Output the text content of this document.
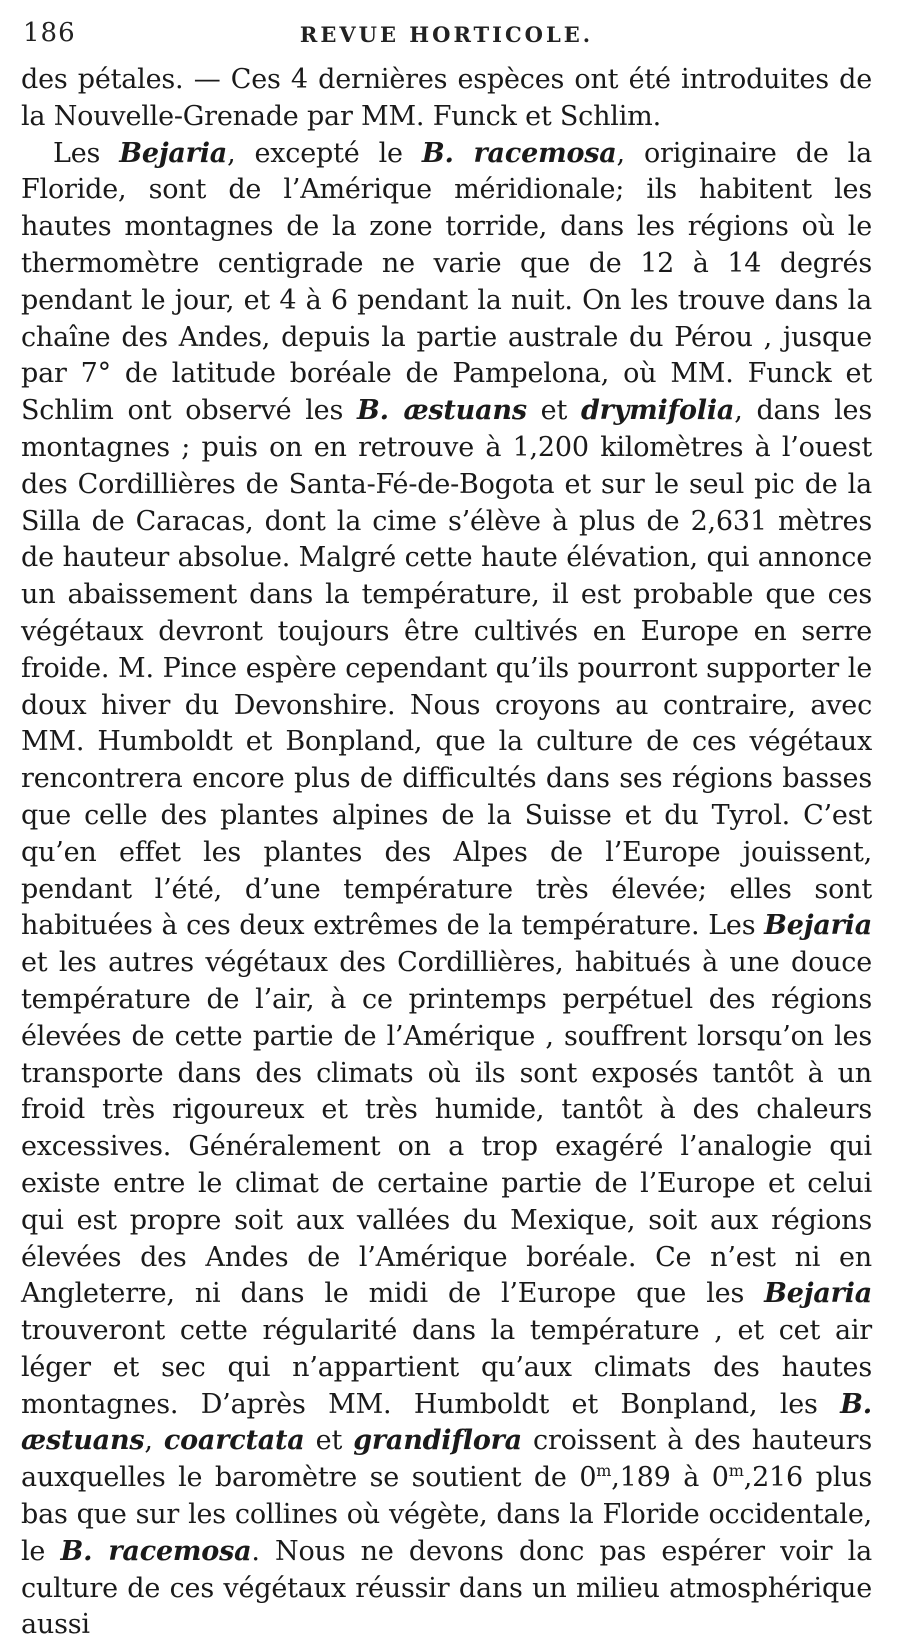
186	REVUE HORTICOLE.

des pétales. — Ces 4 dernières espèces ont été introduites de la Nouvelle-Grenade par MM. Funck et Schlim.

Les Bejaria, excepté le B. racemosa, originaire de la Floride, sont de l’Amérique méridionale; ils habitent les hautes montagnes de la zone torride, dans les régions où le thermomètre centigrade ne varie que de 12 à 14 degrés pendant le jour, et 4 à 6 pendant la nuit. On les trouve dans la chaîne des Andes, depuis la partie australe du Pérou , jusque par 7° de latitude boréale de Pampelona, où MM. Funck et Schlim ont observé les B. æstuans et drymifolia, dans les montagnes ; puis on en retrouve à 1,200 kilomètres à l’ouest des Cordillières de Santa-Fé-de-Bogota et sur le seul pic de la Silla de Caracas, dont la cime s’élève à plus de 2,631 mètres de hauteur absolue. Malgré cette haute élévation, qui annonce un abaissement dans la température, il est probable que ces végétaux devront toujours être cultivés en Europe en serre froide. M. Pince espère cependant qu’ils pourront supporter le doux hiver du Devonshire. Nous croyons au contraire, avec MM. Humboldt et Bonpland, que la culture de ces végétaux rencontrera encore plus de difficultés dans ses régions basses que celle des plantes alpines de la Suisse et du Tyrol. C’est qu’en effet les plantes des Alpes de l’Europe jouissent, pendant l’été, d’une température très élevée; elles sont habituées à ces deux extrêmes de la température. Les Bejaria et les autres végétaux des Cordillières, habitués à une douce température de l’air, à ce printemps perpétuel des régions élevées de cette partie de l’Amérique , souffrent lorsqu’on les transporte dans des climats où ils sont exposés tantôt à un froid très rigoureux et très humide, tantôt à des chaleurs excessives. Généralement on a trop exagéré l’analogie qui existe entre le climat de certaine partie de l’Europe et celui qui est propre soit aux vallées du Mexique, soit aux régions élevées des Andes de l’Amérique boréale. Ce n’est ni en Angleterre, ni dans le midi de l’Europe que les Bejaria trouveront cette régularité dans la température , et cet air léger et sec qui n’appartient qu’aux climats des hautes montagnes. D’après MM. Humboldt et Bonpland, les B. æstuans, coarctata et grandiflora croissent à des hauteurs auxquelles le baromètre se soutient de 0$^m$,189 à 0$^m$,216 plus bas que sur les collines où végète, dans la Floride occidentale, le B. racemosa. Nous ne devons donc pas espérer voir la culture de ces végétaux réussir dans un milieu atmosphérique aussi
